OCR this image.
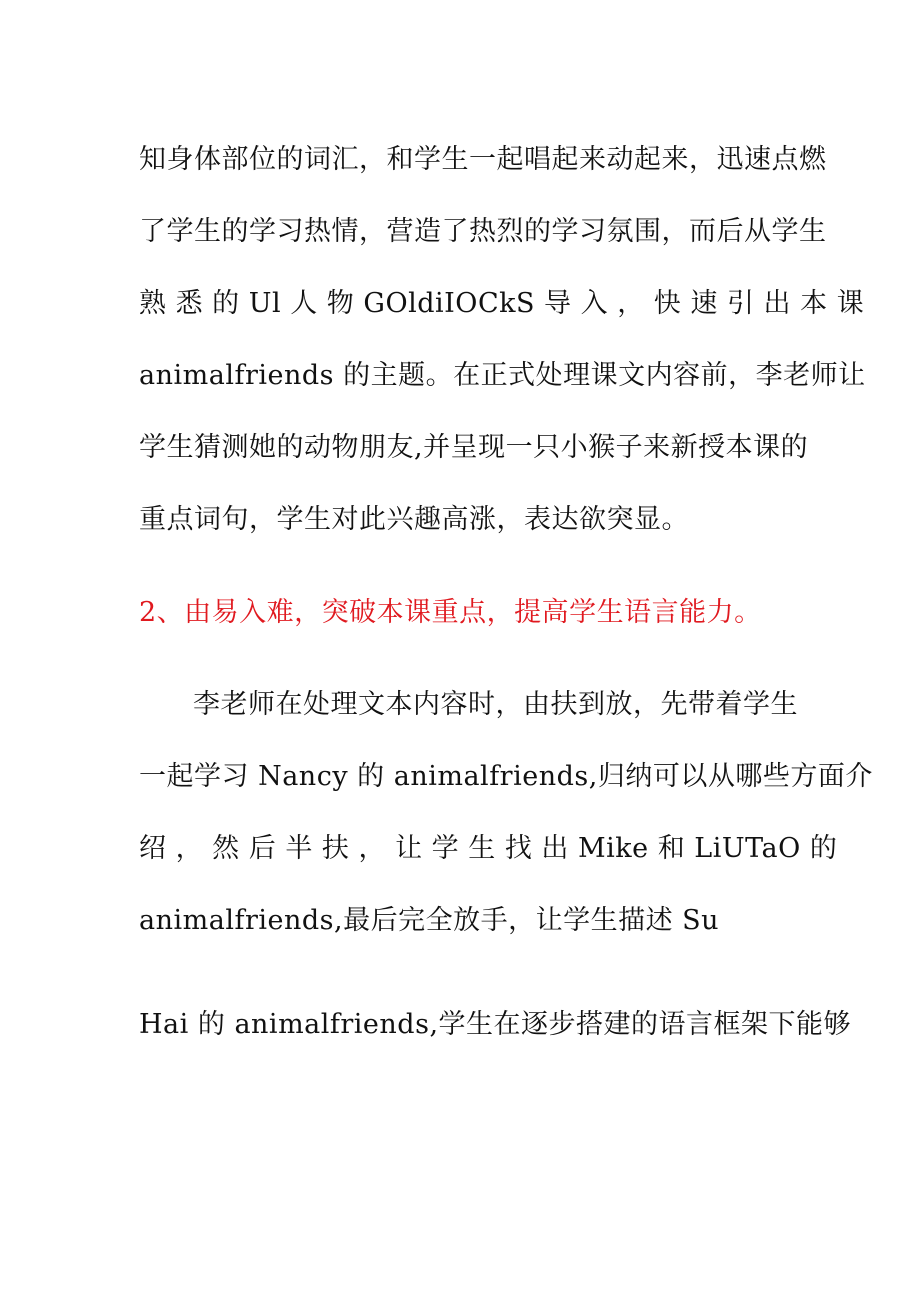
知身体部位的词汇，和学生一起唱起来动起来，迅速点燃
了学生的学习热情，营造了热烈的学习氛围，而后从学生
熟 悉 的 Ul 人 物 GOldiIOCkS 导 入 ， 快 速 引 出 本 课
animalfriends 的主题。在正式处理课文内容前，李老师让
学生猜测她的动物朋友,并呈现一只小猴子来新授本课的
重点词句，学生对此兴趣高涨，表达欲突显。
2、由易入难，突破本课重点，提高学生语言能力。
李老师在处理文本内容时，由扶到放，先带着学生
一起学习 Nancy 的 animalfriends,归纳可以从哪些方面介
绍 ， 然 后 半 扶 ， 让 学 生 找 出 Mike 和 LiUTaO 的
animalfriends,最后完全放手，让学生描述 Su
Hai 的 animalfriends,学生在逐步搭建的语言框架下能够
